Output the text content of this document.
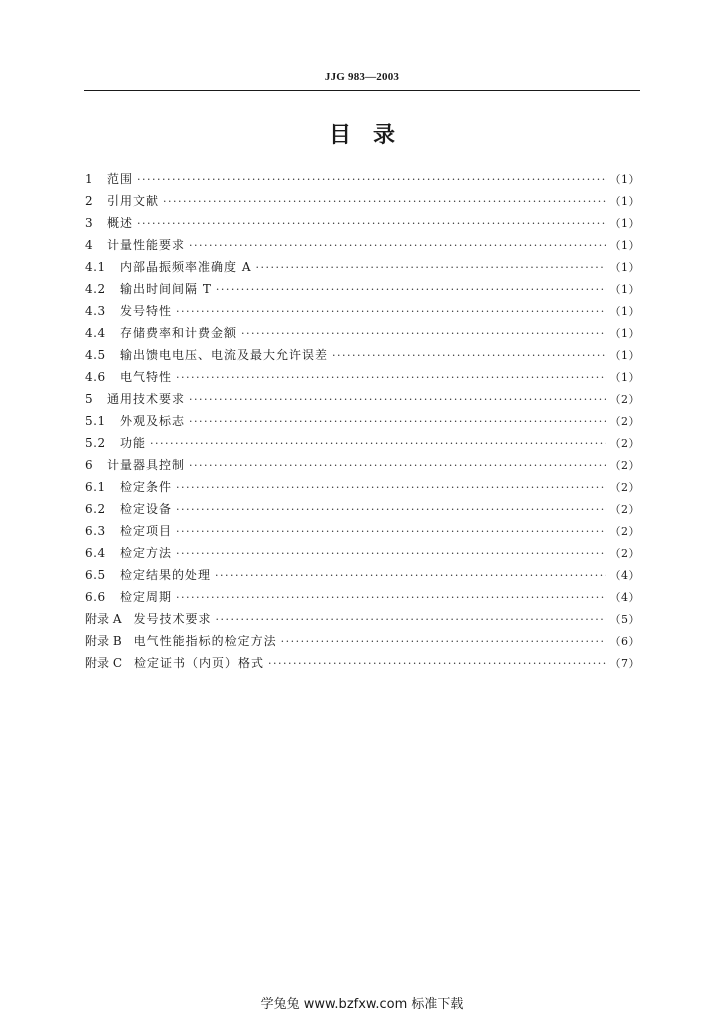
JJG 983—2003
目　录
1	范围 ·····	（1）
2	引用文献 ·····	（1）
3	概述 ·····	（1）
4	计量性能要求 ·····	（1）
4.1	内部晶振频率准确度 A ·····	（1）
4.2	输出时间间隔 T ·····	（1）
4.3	发号特性 ·····	（1）
4.4	存储费率和计费金额 ·····	（1）
4.5	输出馈电电压、电流及最大允许误差 ·····	（1）
4.6	电气特性 ·····	（1）
5	通用技术要求 ·····	（2）
5.1	外观及标志 ·····	（2）
5.2	功能 ·····	（2）
6	计量器具控制 ·····	（2）
6.1	检定条件 ·····	（2）
6.2	检定设备 ·····	（2）
6.3	检定项目 ·····	（2）
6.4	检定方法 ·····	（2）
6.5	检定结果的处理 ·····	（4）
6.6	检定周期 ·····	（4）
附录 A 发号技术要求 ·····	（5）
附录 B 电气性能指标的检定方法 ·····	（6）
附录 C 检定证书（内页）格式 ·····	（7）
学兔兔 www.bzfxw.com 标准下载
